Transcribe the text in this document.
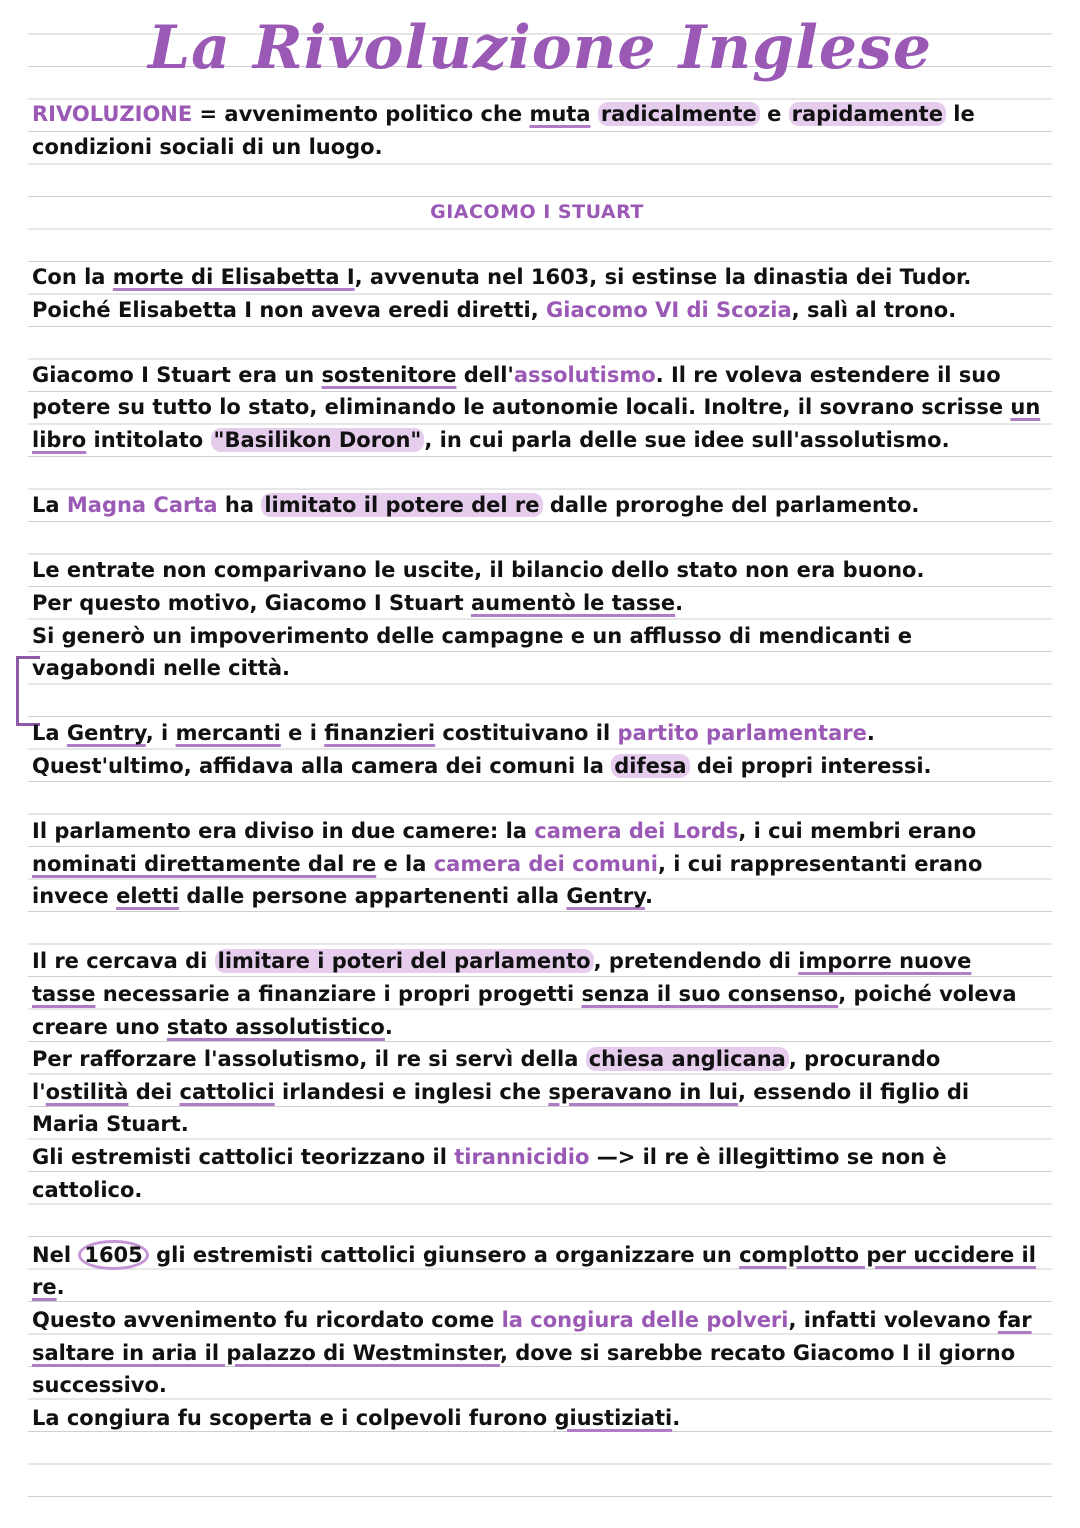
La Rivoluzione Inglese

RIVOLUZIONE = avvenimento politico che muta radicalmente e rapidamente le condizioni sociali di un luogo.

GIACOMO I STUART

Con la morte di Elisabetta I, avvenuta nel 1603, si estinse la dinastia dei Tudor.
Poiché Elisabetta I non aveva eredi diretti, Giacomo VI di Scozia, salì al trono.

Giacomo I Stuart era un sostenitore dell'assolutismo. Il re voleva estendere il suo potere su tutto lo stato, eliminando le autonomie locali. Inoltre, il sovrano scrisse un libro intitolato "Basilikon Doron" , in cui parla delle sue idee sull'assolutismo.

La Magna Carta ha limitato il potere del re dalle proroghe del parlamento.

Le entrate non comparivano le uscite, il bilancio dello stato non era buono.
Per questo motivo, Giacomo I Stuart aumentò le tasse.
Si generò un impoverimento delle campagne e un afflusso di mendicanti e vagabondi nelle città.

La Gentry, i mercanti e i finanzieri costituivano il partito parlamentare.
Quest'ultimo, affidava alla camera dei comuni la difesa dei propri interessi.

Il parlamento era diviso in due camere: la camera dei Lords, i cui membri erano nominati direttamente dal re e la camera dei comuni, i cui rappresentanti erano invece eletti dalle persone appartenenti alla Gentry.

Il re cercava di limitare i poteri del parlamento , pretendendo di imporre nuove tasse necessarie a finanziare i propri progetti senza il suo consenso, poiché voleva creare uno stato assolutistico.
Per rafforzare l'assolutismo, il re si servì della chiesa anglicana , procurando l'ostilità dei cattolici irlandesi e inglesi che speravano in lui, essendo il figlio di Maria Stuart.
Gli estremisti cattolici teorizzano il tirannicidio —> il re è illegittimo se non è cattolico.

Nel 1605 gli estremisti cattolici giunsero a organizzare un complotto per uccidere il re.
Questo avvenimento fu ricordato come la congiura delle polveri, infatti volevano far saltare in aria il palazzo di Westminster, dove si sarebbe recato Giacomo I il giorno successivo.
La congiura fu scoperta e i colpevoli furono giustiziati.
